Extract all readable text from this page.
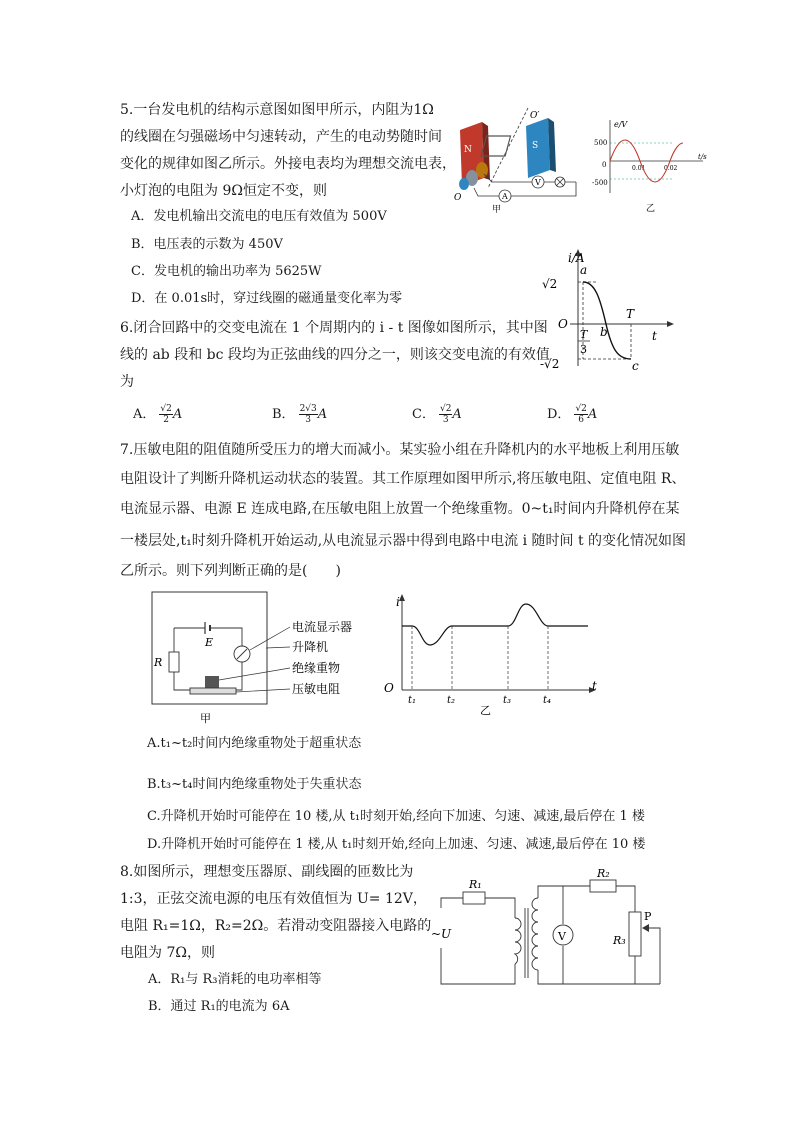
5.一台发电机的结构示意图如图甲所示，内阻为1Ω
的线圈在匀强磁场中匀速转动，产生的电动势随时间
变化的规律如图乙所示。外接电表均为理想交流电表，
小灯泡的电阻为 9Ω恒定不变，则
A．发电机输出交流电的电压有效值为 500V
B．电压表的示数为 450V
C．发电机的输出功率为 5625W
D．在 0.01s时，穿过线圈的磁通量变化率为零
N	S
O′
O	A
V
甲
e/V
t/s
500
-500
0	0.01	0.02
乙
6.闭合回路中的交变电流在 1 个周期内的 i - t 图像如图所示，其中图
线的 ab 段和 bc 段均为正弦曲线的四分之一，则该交变电流的有效值
为
A． $\frac{√2}{2}$ A	B． $\frac{2√3}{3}$ A	C． $\frac{√2}{3}$ A	D． $\frac{√2}{6}$ A
i/A
√2
-√2
O
t
a
b
c
T
T
3
7.压敏电阻的阻值随所受压力的增大而减小。某实验小组在升降机内的水平地板上利用压敏
电阻设计了判断升降机运动状态的装置。其工作原理如图甲所示,将压敏电阻、定值电阻 R、
电流显示器、电源 E 连成电路,在压敏电阻上放置一个绝缘重物。0~t₁时间内升降机停在某
一楼层处,t₁时刻升降机开始运动,从电流显示器中得到电路中电流 i 随时间 t 的变化情况如图
乙所示。则下列判断正确的是(　　)
E
R
电流显示器
升降机
绝缘重物
压敏电阻
甲
i
O	t
t₁	t₂	t₃	t₄
乙
A.t₁~t₂时间内绝缘重物处于超重状态
B.t₃~t₄时间内绝缘重物处于失重状态
C.升降机开始时可能停在 10 楼,从 t₁时刻开始,经向下加速、匀速、减速,最后停在 1 楼
D.升降机开始时可能停在 1 楼,从 t₁时刻开始,经向上加速、匀速、减速,最后停在 10 楼
8.如图所示，理想变压器原、副线圈的匝数比为
1:3，正弦交流电源的电压有效值恒为 U= 12V，
电阻 R₁=1Ω，R₂=2Ω。若滑动变阻器接入电路的
电阻为 7Ω，则
A．R₁与 R₃消耗的电功率相等
B．通过 R₁的电流为 6A
~U
R₁
V
R₂
R₃
P
